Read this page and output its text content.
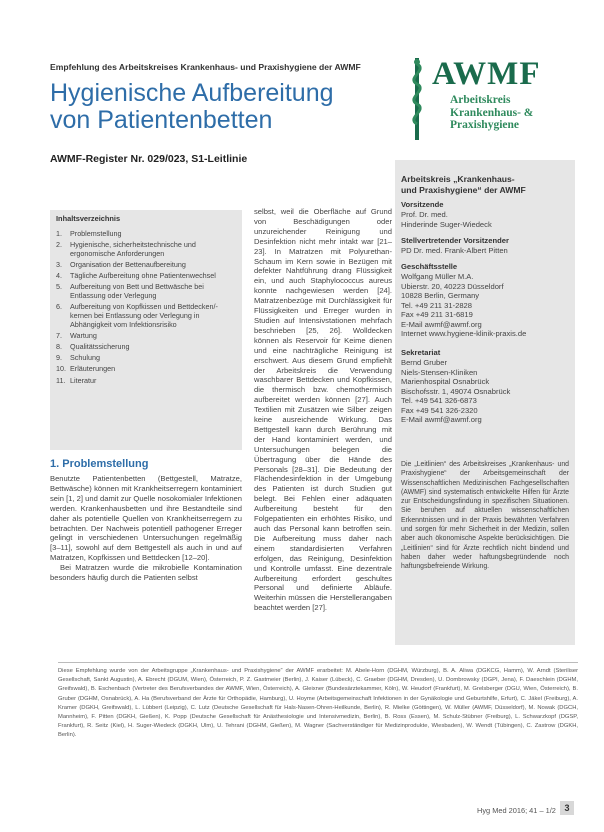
Empfehlung des Arbeitskreises Krankenhaus- und Praxishygiene der AWMF
Hygienische Aufbereitung
von Patientenbetten
AWMF-Register Nr. 029/023, S1-Leitlinie
AWMF
Arbeitskreis
Krankenhaus- &
Praxishygiene
Arbeitskreis „Krankenhaus-
und Praxishygiene“ der AWMF
Vorsitzende
Prof. Dr. med.
Hinderinde Suger-Wiedeck
Stellvertretender Vorsitzender
PD Dr. med. Frank-Albert Pitten
Geschäftsstelle
Wolfgang Müller M.A.
Ubierstr. 20, 40223 Düsseldorf
10828 Berlin, Germany
Tel. +49 211 31-2828
Fax +49 211 31-6819
E-Mail awmf@awmf.org
Internet www.hygiene-klinik-praxis.de
Sekretariat
Bernd Gruber
Niels-Stensen-Kliniken
Marienhospital Osnabrück
Bischofsstr. 1, 49074 Osnabrück
Tel. +49 541 326-6873
Fax +49 541 326-2320
E-Mail awmf@awmf.org
Die „Leitlinien“ des Arbeitskreises „Krankenhaus- und Praxishygiene“ der Arbeitsgemeinschaft der Wissenschaftlichen Medizinischen Fachgesellschaften (AWMF) sind systematisch entwickelte Hilfen für Ärzte zur Entscheidungsfindung in spezifischen Situationen. Sie beruhen auf aktuellen wissenschaftlichen Erkenntnissen und in der Praxis bewährten Verfahren und sorgen für mehr Sicherheit in der Medizin, sollen aber auch ökonomische Aspekte berücksichtigen. Die „Leitlinien“ sind für Ärzte rechtlich nicht bindend und haben daher weder haftungsbegründende noch haftungsbefreiende Wirkung.
Inhaltsverzeichnis
1.	Problemstellung
2.	Hygienische, sicherheitstechnische und ergonomische Anforderungen
3.	Organisation der Bettenaufbereitung
4.	Tägliche Aufbereitung ohne Patientenwechsel
5.	Aufbereitung von Bett und Bettwäsche bei Entlassung oder Verlegung
6.	Aufbereitung von Kopfkissen und Bettdecken/-kernen bei Entlassung oder Verlegung in Abhängigkeit vom Infektionsrisiko
7.	Wartung
8.	Qualitätssicherung
9.	Schulung
10. Erläuterungen
11. Literatur
1. Problemstellung

Benutzte Patientenbetten (Bettgestell, Matratze, Bettwäsche) können mit Krankheitserregern kontaminiert sein [1, 2] und damit zur Quelle nosokomialer Infektionen werden. Krankenhausbetten und ihre Bestandteile sind daher als potentielle Quellen von Krankheitserregern zu betrachten. Der Nachweis potentiell pathogener Erreger gelingt in verschiedenen Untersuchungen regelmäßig [3–11], sowohl auf dem Bettgestell als auch in und auf Matratzen, Kopfkissen und Bettdecken [12–20].

Bei Matratzen wurde die mikrobielle Kontamination besonders häufig durch die Patienten selbst

selbst, weil die Oberfläche auf Grund von Beschädigungen oder unzureichender Reinigung und Desinfektion nicht mehr intakt war [21–23]. In Matratzen mit Polyurethan-Schaum im Kern sowie in Bezügen mit defekter Nahtführung drang Flüssigkeit ein, und auch Staphylococcus aureus konnte nachgewiesen werden [24]. Matratzenbezüge mit Durchlässigkeit für Flüssigkeiten und Erreger wurden in Studien auf Intensivstationen mehrfach beschrieben [25, 26]. Wolldecken können als Reservoir für Keime dienen und eine nachträgliche Reinigung ist erschwert. Aus diesem Grund empfiehlt der Arbeitskreis die Verwendung waschbarer Bettdecken und Kopfkissen, die thermisch bzw. chemothermisch aufbereitet werden können [27]. Auch Textilien mit Zusätzen wie Silber zeigen keine ausreichende Wirkung. Das Bettgestell kann durch Berührung mit der Hand kontaminiert werden, und Untersuchungen belegen die Übertragung über die Hände des Personals [28–31]. Die Bedeutung der Flächendesinfektion in der Umgebung des Patienten ist durch Studien gut belegt. Bei Fehlen einer adäquaten Aufbereitung besteht für den Folgepatienten ein erhöhtes Risiko, und auch das Personal kann betroffen sein. Die Aufbereitung muss daher nach einem standardisierten Verfahren erfolgen, das Reinigung, Desinfektion und Kontrolle umfasst. Eine dezentrale Aufbereitung erfordert geschultes Personal und definierte Abläufe. Weiterhin müssen die Herstellerangaben beachtet werden [27].

Diese Empfehlung wurde von der Arbeitsgruppe „Krankenhaus- und Praxishygiene“ der AWMF erarbeitet: M. Abele-Horn (DGHM, Würzburg), B. A. Aliwa (DGKCG, Hamm), W. Arndt (Steriliser Gesellschaft, Sankt Augustin), A. Ebrecht (DGUM, Wien), Österreich, P. Z. Gastmeier (Berlin), J. Kaiser (Lübeck), C. Graeber (DGHM, Dresden), U. Dombrowsky (DGPI, Jena), F. Daeschlein (DGHM, Greifswald), B. Eschenbach (Vertreter des Berufsverbandes der AWMF, Wien, Österreich), A. Gleixner (Bundesärztekammer, Köln), W. Heudorf (Frankfurt), M. Grelsberger (DGU, Wien, Österreich), B. Gruber (DGHM, Osnabrück), A. Ha (Berufsverband der Ärzte für Orthopädie, Hamburg), U. Hoyme (Arbeitsgemeinschaft Infektionen in der Gynäkologie und Geburtshilfe, Erfurt), C. Jäkel (Freiburg), A. Kramer (DGKH, Greifswald), L. Lübbert (Leipzig), C. Lutz (Deutsche Gesellschaft für Hals-Nasen-Ohren-Heilkunde, Berlin), R. Mielke (Göttingen), W. Müller (AWMF, Düsseldorf), M. Nowak (DGCH, Mannheim), F. Pitten (DGKH, Gießen), K. Popp (Deutsche Gesellschaft für Anästhesiologie und Intensivmedizin, Berlin), B. Ross (Essen), M. Schulz-Stübner (Freiburg), L. Schwarzkopf (DGSP, Frankfurt), R. Seitz (Kiel), H. Suger-Wiedeck (DGKH, Ulm), U. Tehrani (DGHM, Gießen), M. Wagner (Sachverständiger für Medizinprodukte, Wiesbaden), W. Wendt (Tübingen), C. Zastrow (DGKH, Berlin).
Hyg Med 2016; 41 – 1/2 3
